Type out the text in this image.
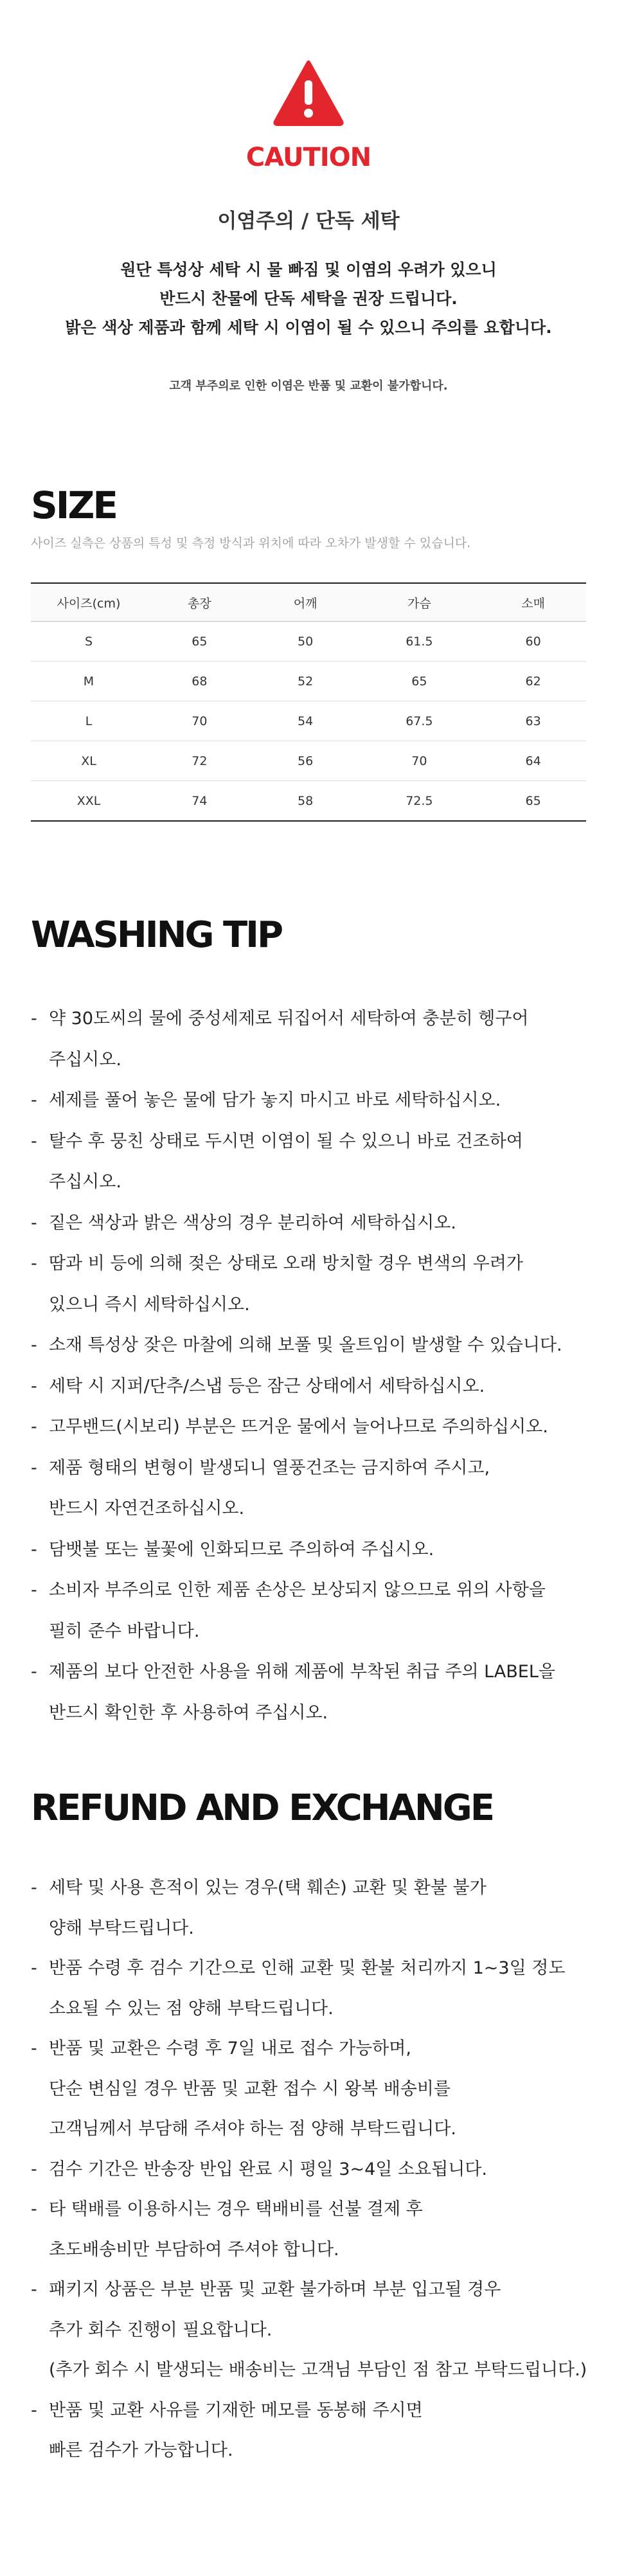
CAUTION
이염주의 / 단독 세탁
원단 특성상 세탁 시 물 빠짐 및 이염의 우려가 있으니
반드시 찬물에 단독 세탁을 권장 드립니다.
밝은 색상 제품과 함께 세탁 시 이염이 될 수 있으니 주의를 요합니다.
고객 부주의로 인한 이염은 반품 및 교환이 불가합니다.
SIZE
사이즈 실측은 상품의 특성 및 측정 방식과 위치에 따라 오차가 발생할 수 있습니다.
사이즈(cm)	총장	어깨	가슴	소매
S	65	50	61.5	60
M	68	52	65	62
L	70	54	67.5	63
XL	72	56	70	64
XXL	74	58	72.5	65
WASHING TIP
- 약 30도씨의 물에 중성세제로 뒤집어서 세탁하여 충분히 헹구어
주십시오.
- 세제를 풀어 놓은 물에 담가 놓지 마시고 바로 세탁하십시오.
- 탈수 후 뭉친 상태로 두시면 이염이 될 수 있으니 바로 건조하여
주십시오.
- 짙은 색상과 밝은 색상의 경우 분리하여 세탁하십시오.
- 땀과 비 등에 의해 젖은 상태로 오래 방치할 경우 변색의 우려가
있으니 즉시 세탁하십시오.
- 소재 특성상 잦은 마찰에 의해 보풀 및 올트임이 발생할 수 있습니다.
- 세탁 시 지퍼/단추/스냅 등은 잠근 상태에서 세탁하십시오.
- 고무밴드(시보리) 부분은 뜨거운 물에서 늘어나므로 주의하십시오.
- 제품 형태의 변형이 발생되니 열풍건조는 금지하여 주시고,
반드시 자연건조하십시오.
- 담뱃불 또는 불꽃에 인화되므로 주의하여 주십시오.
- 소비자 부주의로 인한 제품 손상은 보상되지 않으므로 위의 사항을
필히 준수 바랍니다.
- 제품의 보다 안전한 사용을 위해 제품에 부착된 취급 주의 LABEL을
반드시 확인한 후 사용하여 주십시오.
REFUND AND EXCHANGE
- 세탁 및 사용 흔적이 있는 경우(택 훼손) 교환 및 환불 불가
양해 부탁드립니다.
- 반품 수령 후 검수 기간으로 인해 교환 및 환불 처리까지 1~3일 정도
소요될 수 있는 점 양해 부탁드립니다.
- 반품 및 교환은 수령 후 7일 내로 접수 가능하며,
단순 변심일 경우 반품 및 교환 접수 시 왕복 배송비를
고객님께서 부담해 주셔야 하는 점 양해 부탁드립니다.
- 검수 기간은 반송장 반입 완료 시 평일 3~4일 소요됩니다.
- 타 택배를 이용하시는 경우 택배비를 선불 결제 후
초도배송비만 부담하여 주셔야 합니다.
- 패키지 상품은 부분 반품 및 교환 불가하며 부분 입고될 경우
추가 회수 진행이 필요합니다.
(추가 회수 시 발생되는 배송비는 고객님 부담인 점 참고 부탁드립니다.)
- 반품 및 교환 사유를 기재한 메모를 동봉해 주시면
빠른 검수가 가능합니다.
